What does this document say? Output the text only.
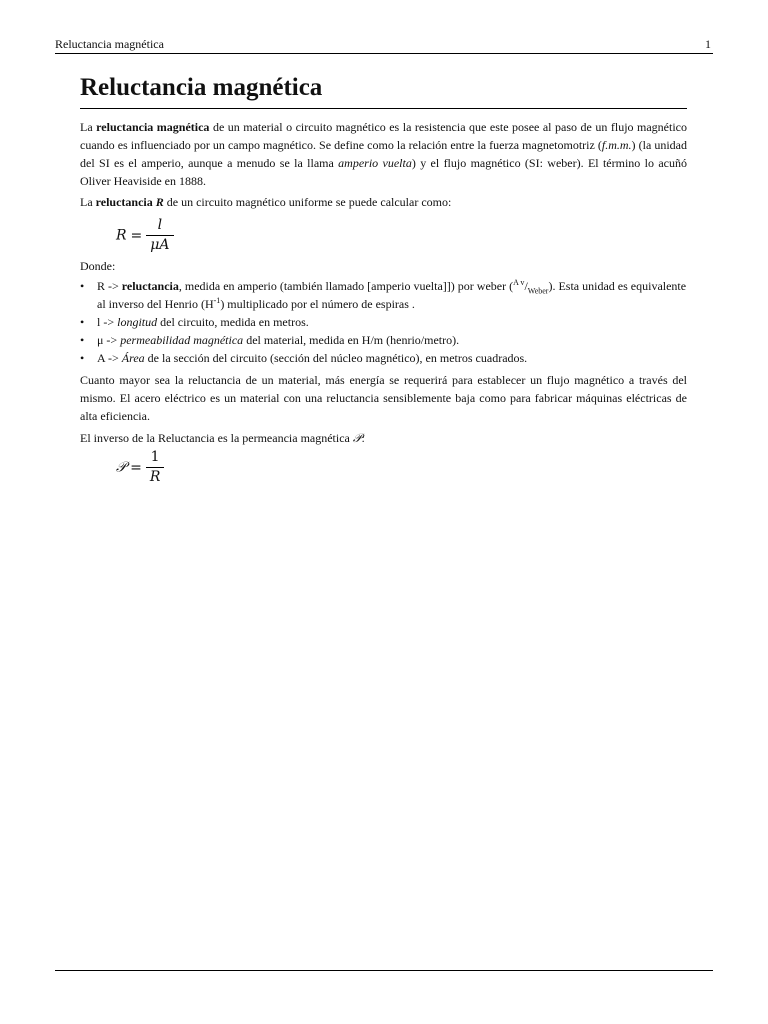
Reluctancia magnética	1
Reluctancia magnética

La reluctancia magnética de un material o circuito magnético es la resistencia que este posee al paso de un flujo magnético cuando es influenciado por un campo magnético. Se define como la relación entre la fuerza magnetomotriz (f.m.m.) (la unidad del SI es el amperio, aunque a menudo se la llama amperio vuelta) y el flujo magnético (SI: weber). El término lo acuñó Oliver Heaviside en 1888.

La reluctancia R de un circuito magnético uniforme se puede calcular como:

$R = \frac{l}{\mu A}$

Donde:

• R -> reluctancia, medida en amperio (también llamado [amperio vuelta]]) por weber $(^{A v}/_{Weber})$. Esta unidad es equivalente al inverso del Henrio $(H^{-1})$ multiplicado por el número de espiras .
• l -> longitud del circuito, medida en metros.
• μ -> permeabilidad magnética del material, medida en H/m (henrio/metro).
• A -> Área de la sección del circuito (sección del núcleo magnético), en metros cuadrados.

Cuanto mayor sea la reluctancia de un material, más energía se requerirá para establecer un flujo magnético a través del mismo. El acero eléctrico es un material con una reluctancia sensiblemente baja como para fabricar máquinas eléctricas de alta eficiencia.

El inverso de la Reluctancia es la permeancia magnética 𝒫:

𝒫 = $\frac{1}{R}$
